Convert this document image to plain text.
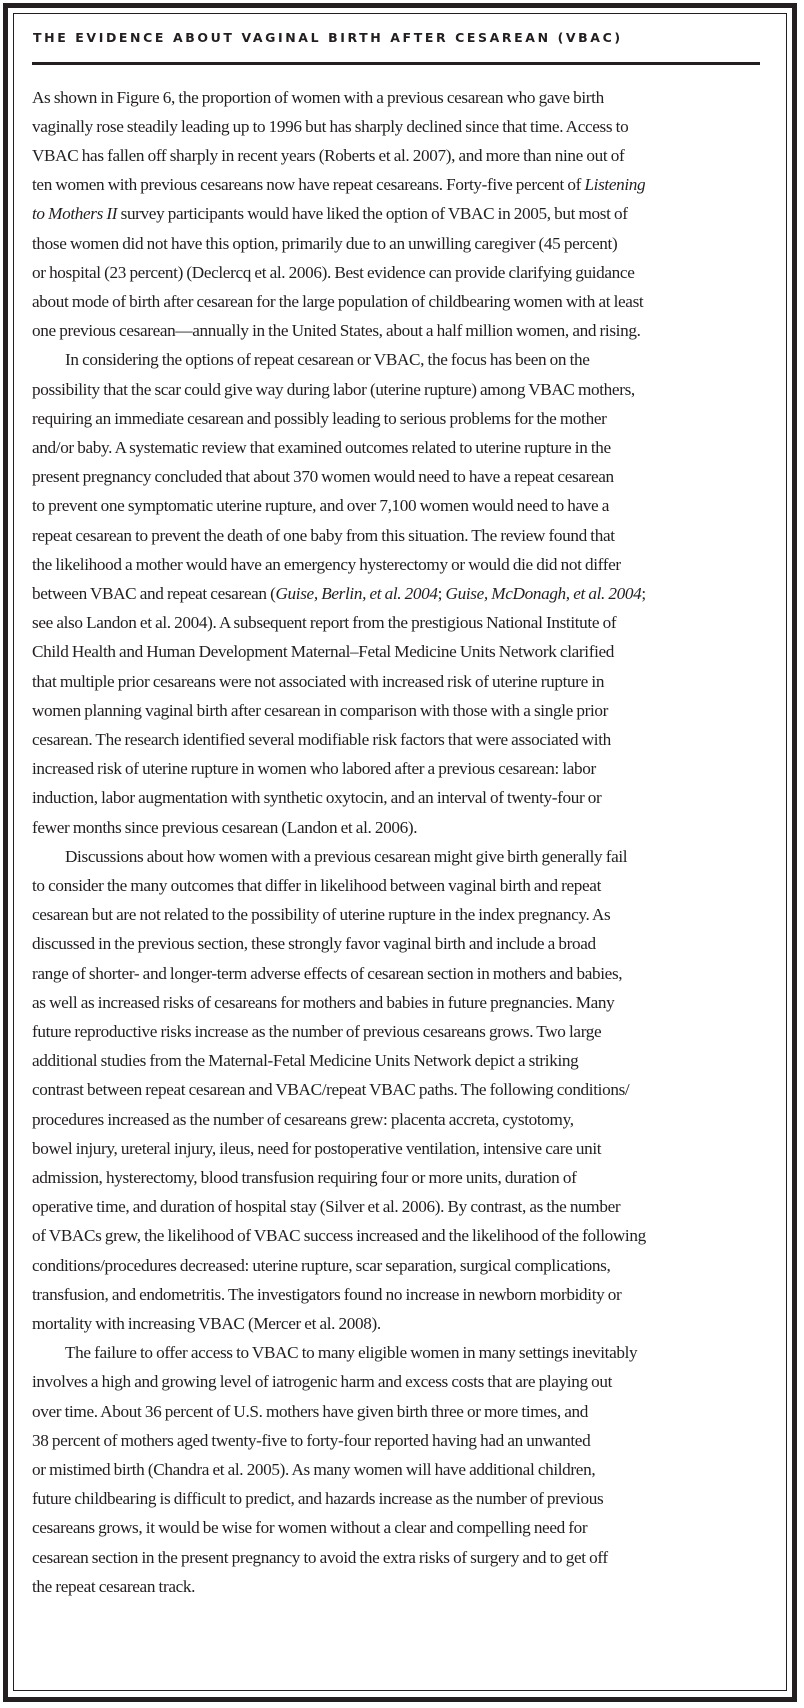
THE EVIDENCE ABOUT VAGINAL BIRTH AFTER CESAREAN (VBAC)

As shown in Figure 6, the proportion of women with a previous cesarean who gave birth
vaginally rose steadily leading up to 1996 but has sharply declined since that time. Access to
VBAC has fallen off sharply in recent years (Roberts et al. 2007), and more than nine out of
ten women with previous cesareans now have repeat cesareans. Forty-five percent of Listening
to Mothers II survey participants would have liked the option of VBAC in 2005, but most of
those women did not have this option, primarily due to an unwilling caregiver (45 percent)
or hospital (23 percent) (Declercq et al. 2006). Best evidence can provide clarifying guidance
about mode of birth after cesarean for the large population of childbearing women with at least
one previous cesarean—annually in the United States, about a half million women, and rising.

In considering the options of repeat cesarean or VBAC, the focus has been on the
possibility that the scar could give way during labor (uterine rupture) among VBAC mothers,
requiring an immediate cesarean and possibly leading to serious problems for the mother
and/or baby. A systematic review that examined outcomes related to uterine rupture in the
present pregnancy concluded that about 370 women would need to have a repeat cesarean
to prevent one symptomatic uterine rupture, and over 7,100 women would need to have a
repeat cesarean to prevent the death of one baby from this situation. The review found that
the likelihood a mother would have an emergency hysterectomy or would die did not differ
between VBAC and repeat cesarean (Guise, Berlin, et al. 2004; Guise, McDonagh, et al. 2004;
see also Landon et al. 2004). A subsequent report from the prestigious National Institute of
Child Health and Human Development Maternal–Fetal Medicine Units Network clarified
that multiple prior cesareans were not associated with increased risk of uterine rupture in
women planning vaginal birth after cesarean in comparison with those with a single prior
cesarean. The research identified several modifiable risk factors that were associated with
increased risk of uterine rupture in women who labored after a previous cesarean: labor
induction, labor augmentation with synthetic oxytocin, and an interval of twenty-four or
fewer months since previous cesarean (Landon et al. 2006).

Discussions about how women with a previous cesarean might give birth generally fail
to consider the many outcomes that differ in likelihood between vaginal birth and repeat
cesarean but are not related to the possibility of uterine rupture in the index pregnancy. As
discussed in the previous section, these strongly favor vaginal birth and include a broad
range of shorter- and longer-term adverse effects of cesarean section in mothers and babies,
as well as increased risks of cesareans for mothers and babies in future pregnancies. Many
future reproductive risks increase as the number of previous cesareans grows. Two large
additional studies from the Maternal-Fetal Medicine Units Network depict a striking
contrast between repeat cesarean and VBAC/repeat VBAC paths. The following conditions/
procedures increased as the number of cesareans grew: placenta accreta, cystotomy,
bowel injury, ureteral injury, ileus, need for postoperative ventilation, intensive care unit
admission, hysterectomy, blood transfusion requiring four or more units, duration of
operative time, and duration of hospital stay (Silver et al. 2006). By contrast, as the number
of VBACs grew, the likelihood of VBAC success increased and the likelihood of the following
conditions/procedures decreased: uterine rupture, scar separation, surgical complications,
transfusion, and endometritis. The investigators found no increase in newborn morbidity or
mortality with increasing VBAC (Mercer et al. 2008).

The failure to offer access to VBAC to many eligible women in many settings inevitably
involves a high and growing level of iatrogenic harm and excess costs that are playing out
over time. About 36 percent of U.S. mothers have given birth three or more times, and
38 percent of mothers aged twenty-five to forty-four reported having had an unwanted
or mistimed birth (Chandra et al. 2005). As many women will have additional children,
future childbearing is difficult to predict, and hazards increase as the number of previous
cesareans grows, it would be wise for women without a clear and compelling need for
cesarean section in the present pregnancy to avoid the extra risks of surgery and to get off
the repeat cesarean track.
